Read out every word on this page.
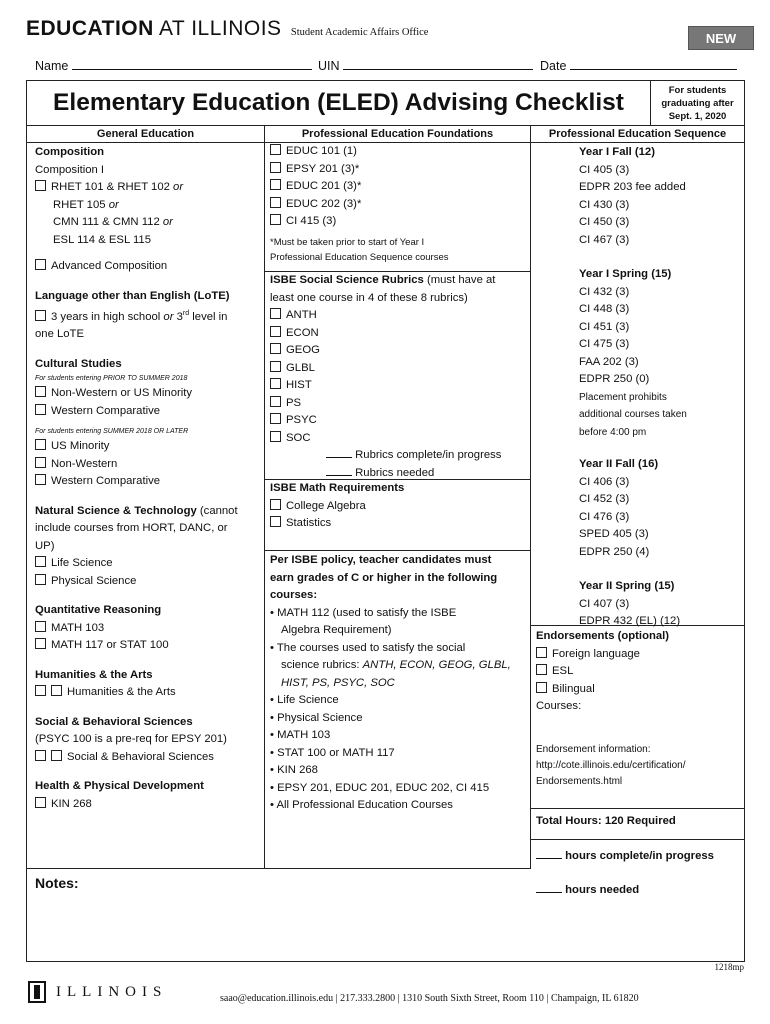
EDUCATION AT ILLINOIS Student Academic Affairs Office	NEW
Name	UIN	Date
Elementary Education (ELED) Advising Checklist	For students
graduating after
Sept. 1, 2020
General Education
Composition
Composition I
RHET 101 & RHET 102 or
RHET 105 or
CMN 111 & CMN 112 or
ESL 114 & ESL 115
Advanced Composition
Language other than English (LoTE)
3 years in high school or 3rd level in
one LoTE
Cultural Studies
For students entering PRIOR TO SUMMER 2018
Non-Western or US Minority
Western Comparative
For students entering SUMMER 2018 OR LATER
US Minority
Non-Western
Western Comparative
Natural Science & Technology (cannot
include courses from HORT, DANC, or
UP)
Life Science
Physical Science
Quantitative Reasoning
MATH 103
MATH 117 or STAT 100
Humanities & the Arts
Humanities & the Arts
Social & Behavioral Sciences
(PSYC 100 is a pre-req for EPSY 201)
Social & Behavioral Sciences
Health & Physical Development
KIN 268
Professional Education Foundations
EDUC 101 (1)
EPSY 201 (3)*
EDUC 201 (3)*
EDUC 202 (3)*
CI 415 (3)
*Must be taken prior to start of Year I
Professional Education Sequence courses
ISBE Social Science Rubrics (must have at
least one course in 4 of these 8 rubrics)
ANTH
ECON
GEOG
GLBL
HIST
PS
PSYC
SOC
Rubrics complete/in progress
Rubrics needed
ISBE Math Requirements
College Algebra
Statistics
Per ISBE policy, teacher candidates must
earn grades of C or higher in the following
courses:
• MATH 112 (used to satisfy the ISBE
Algebra Requirement)
• The courses used to satisfy the social
science rubrics: ANTH, ECON, GEOG, GLBL,
HIST, PS, PSYC, SOC
• Life Science
• Physical Science
• MATH 103
• STAT 100 or MATH 117
• KIN 268
• EPSY 201, EDUC 201, EDUC 202, CI 415
• All Professional Education Courses
Professional Education Sequence
Year I Fall (12)
CI 405 (3)
EDPR 203 fee added
CI 430 (3)
CI 450 (3)
CI 467 (3)
Year I Spring (15)
CI 432 (3)
CI 448 (3)
CI 451 (3)
CI 475 (3)
FAA 202 (3)
EDPR 250 (0)
Placement prohibits
additional courses taken
before 4:00 pm
Year II Fall (16)
CI 406 (3)
CI 452 (3)
CI 476 (3)
SPED 405 (3)
EDPR 250 (4)
Year II Spring (15)
CI 407 (3)
EDPR 432 (EL) (12)
Endorsements (optional)
Foreign language
ESL
Bilingual
Courses:
Endorsement information:
http://cote.illinois.edu/certification/
Endorsements.html
Total Hours: 120 Required
hours complete/in progress
hours needed
Notes:
1218mp
ILLINOIS	saao@education.illinois.edu | 217.333.2800 | 1310 South Sixth Street, Room 110 | Champaign, IL 61820
